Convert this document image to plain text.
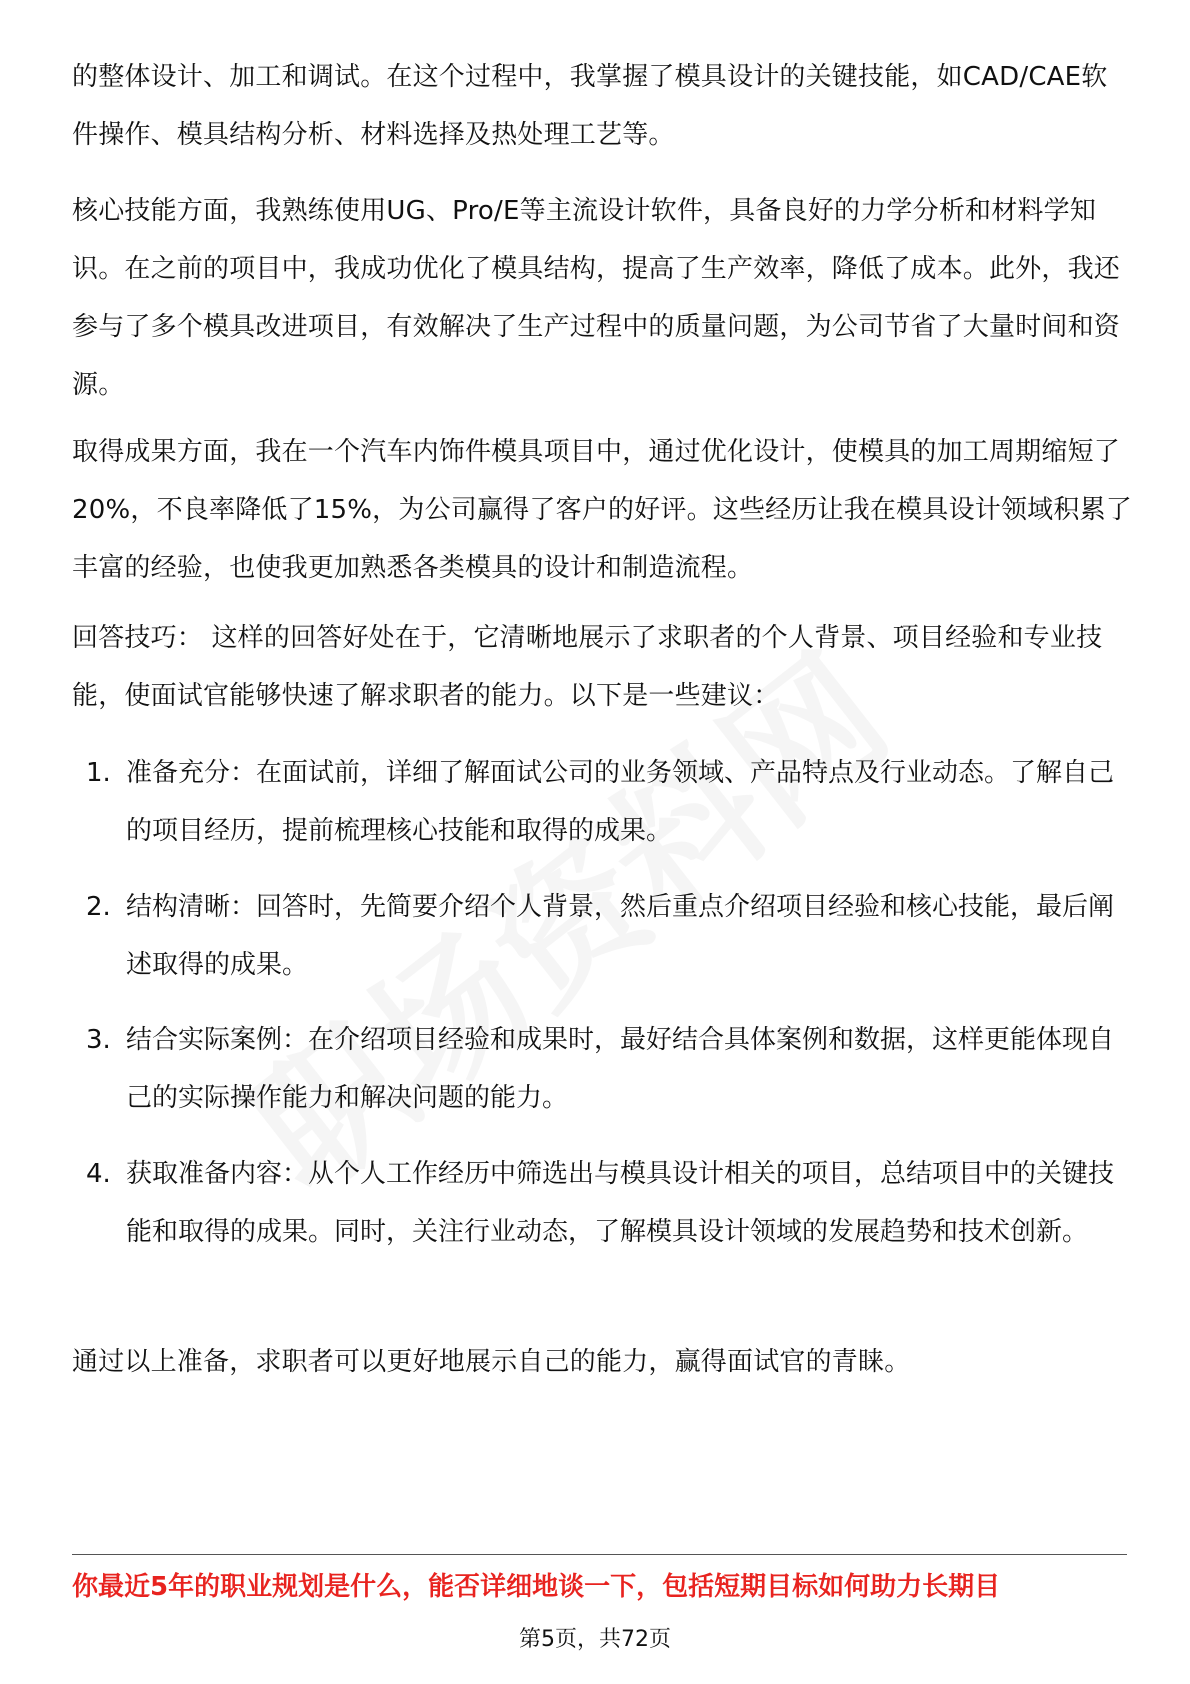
的整体设计、加工和调试。在这个过程中，我掌握了模具设计的关键技能，如CAD/CAE软件操作、模具结构分析、材料选择及热处理工艺等。

核心技能方面，我熟练使用UG、Pro/E等主流设计软件，具备良好的力学分析和材料学知识。在之前的项目中，我成功优化了模具结构，提高了生产效率，降低了成本。此外，我还参与了多个模具改进项目，有效解决了生产过程中的质量问题，为公司节省了大量时间和资源。

取得成果方面，我在一个汽车内饰件模具项目中，通过优化设计，使模具的加工周期缩短了20%，不良率降低了15%，为公司赢得了客户的好评。这些经历让我在模具设计领域积累了丰富的经验，也使我更加熟悉各类模具的设计和制造流程。

回答技巧： 这样的回答好处在于，它清晰地展示了求职者的个人背景、项目经验和专业技能，使面试官能够快速了解求职者的能力。以下是一些建议：

1. 准备充分：在面试前，详细了解面试公司的业务领域、产品特点及行业动态。了解自己的项目经历，提前梳理核心技能和取得的成果。

2. 结构清晰：回答时，先简要介绍个人背景，然后重点介绍项目经验和核心技能，最后阐述取得的成果。

3. 结合实际案例：在介绍项目经验和成果时，最好结合具体案例和数据，这样更能体现自己的实际操作能力和解决问题的能力。

4. 获取准备内容：从个人工作经历中筛选出与模具设计相关的项目，总结项目中的关键技能和取得的成果。同时，关注行业动态，了解模具设计领域的发展趋势和技术创新。

通过以上准备，求职者可以更好地展示自己的能力，赢得面试官的青睐。

你最近5年的职业规划是什么，能否详细地谈一下，包括短期目标如何助力长期目
第5页，共72页
